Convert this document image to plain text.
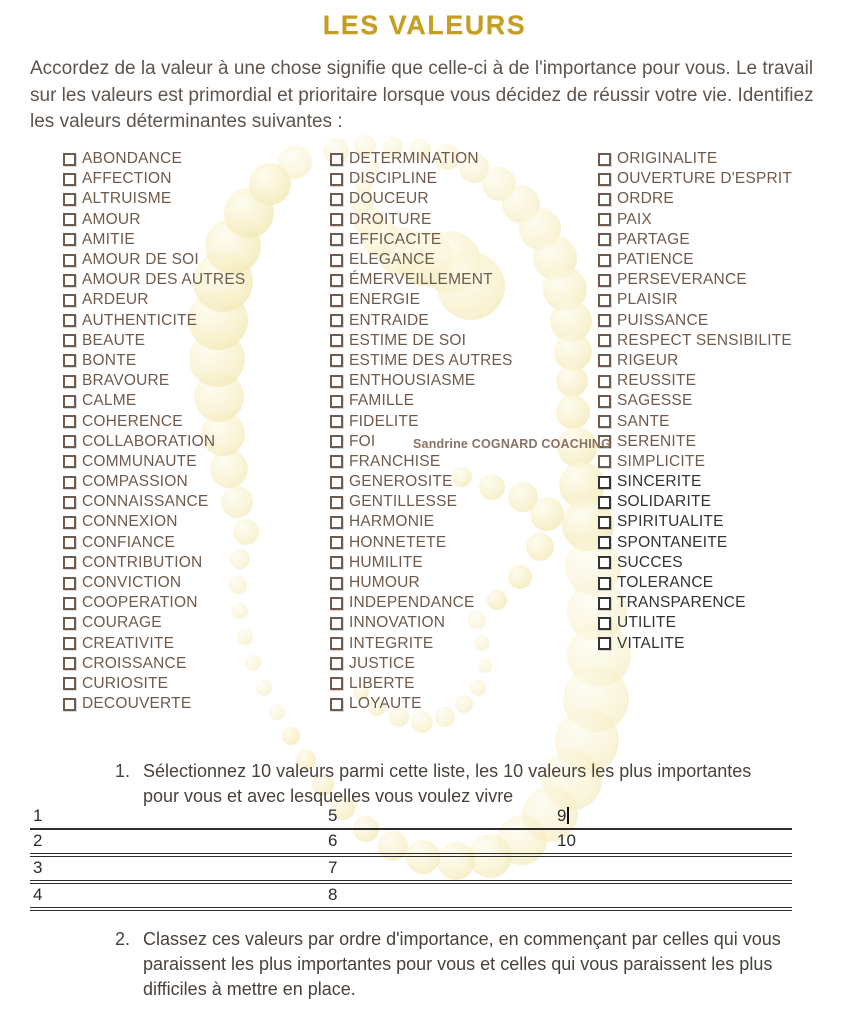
LES VALEURS

Accordez de la valeur à une chose signifie que celle-ci à de l'importance pour vous. Le travail sur les valeurs est primordial et prioritaire lorsque vous décidez de réussir votre vie. Identifiez les valeurs déterminantes suivantes :

ABONDANCE
AFFECTION
ALTRUISME
AMOUR
AMITIE
AMOUR DE SOI
AMOUR DES AUTRES
ARDEUR
AUTHENTICITE
BEAUTE
BONTE
BRAVOURE
CALME
COHERENCE
COLLABORATION
COMMUNAUTE
COMPASSION
CONNAISSANCE
CONNEXION
CONFIANCE
CONTRIBUTION
CONVICTION
COOPERATION
COURAGE
CREATIVITE
CROISSANCE
CURIOSITE
DECOUVERTE
DETERMINATION
DISCIPLINE
DOUCEUR
DROITURE
EFFICACITE
ELEGANCE
ÉMERVEILLEMENT
ENERGIE
ENTRAIDE
ESTIME DE SOI
ESTIME DES AUTRES
ENTHOUSIASME
FAMILLE
FIDELITE
FOI
FRANCHISE
GENEROSITE
GENTILLESSE
HARMONIE
HONNETETE
HUMILITE
HUMOUR
INDEPENDANCE
INNOVATION
INTEGRITE
JUSTICE
LIBERTE
LOYAUTE
ORIGINALITE
OUVERTURE D'ESPRIT
ORDRE
PAIX
PARTAGE
PATIENCE
PERSEVERANCE
PLAISIR
PUISSANCE
RESPECT SENSIBILITE
RIGEUR
REUSSITE
SAGESSE
SANTE
SERENITE
SIMPLICITE
SINCERITE
SOLIDARITE
SPIRITUALITE
SPONTANEITE
SUCCES
TOLERANCE
TRANSPARENCE
UTILITE
VITALITE
Sandrine COGNARD COACHING
1. Sélectionnez 10 valeurs parmi cette liste, les 10 valeurs les plus importantes pour vous et avec lesquelles vous voulez vivre
1	5	9
2	6	10
3	7
4	8
2. Classez ces valeurs par ordre d'importance, en commençant par celles qui vous paraissent les plus importantes pour vous et celles qui vous paraissent les plus difficiles à mettre en place.
